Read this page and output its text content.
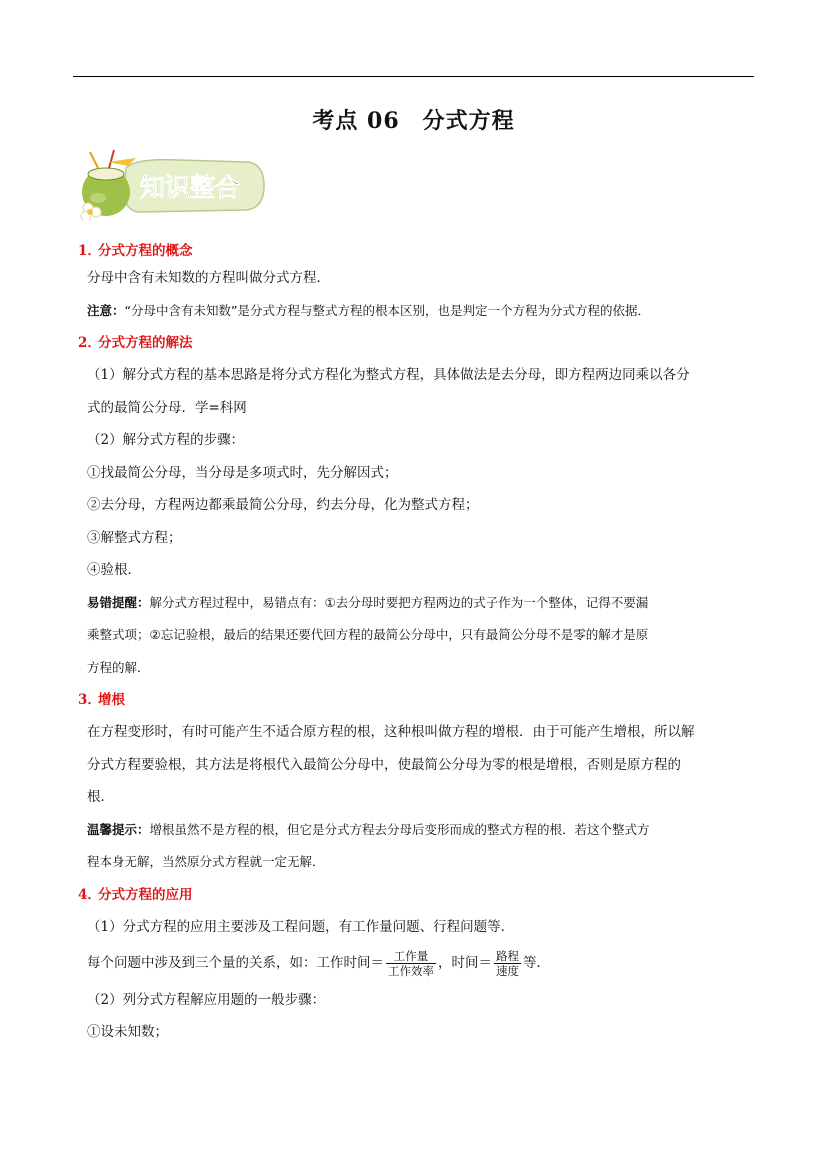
考点 06　分式方程
知识整合
1．分式方程的概念
分母中含有未知数的方程叫做分式方程．
注意：“分母中含有未知数”是分式方程与整式方程的根本区别，也是判定一个方程为分式方程的依据．
2．分式方程的解法
（1）解分式方程的基本思路是将分式方程化为整式方程，具体做法是去分母，即方程两边同乘以各分
式的最简公分母．学=科网
（2）解分式方程的步骤：
①找最简公分母，当分母是多项式时，先分解因式；
②去分母，方程两边都乘最简公分母，约去分母，化为整式方程；
③解整式方程；
④验根．
易错提醒：解分式方程过程中，易错点有：①去分母时要把方程两边的式子作为一个整体，记得不要漏
乘整式项；②忘记验根，最后的结果还要代回方程的最简公分母中，只有最简公分母不是零的解才是原
方程的解．
3．增根
在方程变形时，有时可能产生不适合原方程的根，这种根叫做方程的增根．由于可能产生增根，所以解
分式方程要验根，其方法是将根代入最简公分母中，使最简公分母为零的根是增根，否则是原方程的
根．
温馨提示：增根虽然不是方程的根，但它是分式方程去分母后变形而成的整式方程的根．若这个整式方
程本身无解，当然原分式方程就一定无解．
4．分式方程的应用
（1）分式方程的应用主要涉及工程问题，有工作量问题、行程问题等．
每个问题中涉及到三个量的关系，如：工作时间＝ $\frac{\text{工作量}}{\text{工作效率}}$ ，时间＝ $\frac{\text{路程}}{\text{速度}}$ 等．
（2）列分式方程解应用题的一般步骤：
①设未知数；
